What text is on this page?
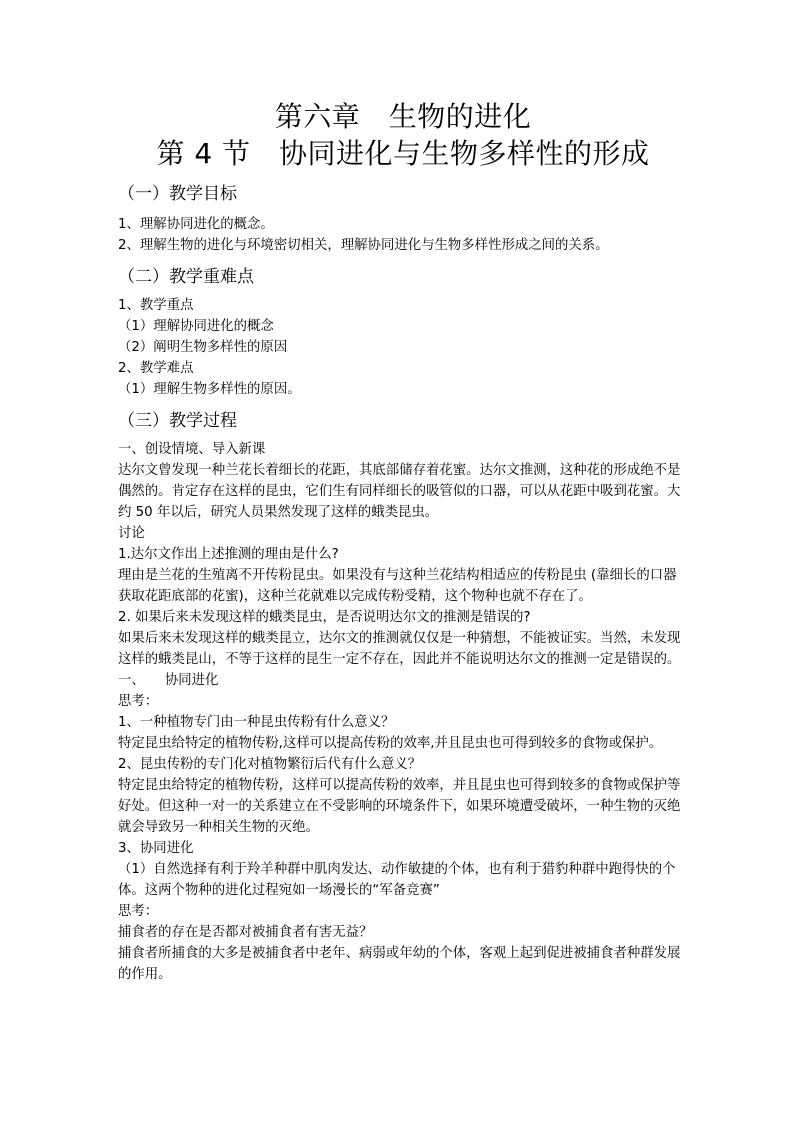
第六章　生物的进化
第 4 节　协同进化与生物多样性的形成
（一）教学目标

1、理解协同进化的概念。

2、理解生物的进化与环境密切相关，理解协同进化与生物多样性形成之间的关系。

（二）教学重难点

1、教学重点

（1）理解协同进化的概念

（2）阐明生物多样性的原因

2、教学难点

（1）理解生物多样性的原因。

（三）教学过程

一、创设情境、导入新课

达尔文曾发现一种兰花长着细长的花距，其底部储存着花蜜。达尔文推测，这种花的形成绝不是偶然的。肯定存在这样的昆虫，它们生有同样细长的吸管似的口器，可以从花距中吸到花蜜。大约 50 年以后，研究人员果然发现了这样的蛾类昆虫。

讨论

1.达尔文作出上述推测的理由是什么?

理由是兰花的生殖离不开传粉昆虫。如果没有与这种兰花结构相适应的传粉昆虫 (靠细长的口器获取花距底部的花蜜)，这种兰花就难以完成传粉受精，这个物种也就不存在了。

2. 如果后来未发现这样的蛾类昆虫，是否说明达尔文的推测是错误的?

如果后来未发现这样的蛾类昆立，达尔文的推测就仅仅是一种猜想，不能被证实。当然，未发现这样的蛾类昆山，不等于这样的昆生一定不存在，因此并不能说明达尔文的推测一定是错误的。

一、　　协同进化

思考：

1、一种植物专门由一种昆虫传粉有什么意义？

特定昆虫给特定的植物传粉,这样可以提高传粉的效率,并且昆虫也可得到较多的食物或保护。

2、昆虫传粉的专门化对植物繁衍后代有什么意义？

特定昆虫给特定的植物传粉，这样可以提高传粉的效率，并且昆虫也可得到较多的食物或保护等好处。但这种一对一的关系建立在不受影响的环境条件下，如果环境遭受破坏，一种生物的灭绝就会导致另一种相关生物的灭绝。

3、协同进化

（1）自然选择有利于羚羊种群中肌肉发达、动作敏捷的个体，也有利于猎豹种群中跑得快的个体。这两个物种的进化过程宛如一场漫长的“军备竞赛”

思考：

捕食者的存在是否都对被捕食者有害无益？

捕食者所捕食的大多是被捕食者中老年、病弱或年幼的个体，客观上起到促进被捕食者种群发展的作用。
